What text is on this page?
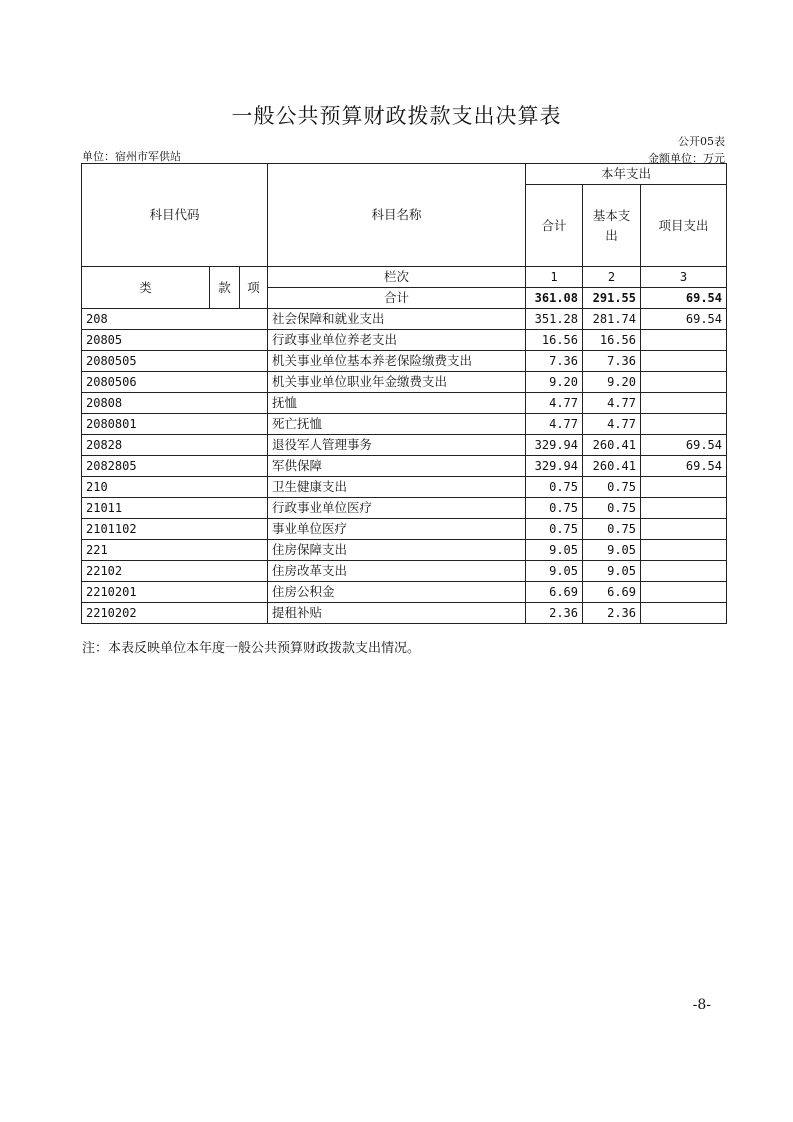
一般公共预算财政拨款支出决算表
公开05表
单位：宿州市军供站	金额单位：万元
科目代码			科目名称	本年支出		
				合计	基本支
出	项目支出
类	款	项	栏次	1	2	3
			合计	361.08	291.55	69.54
208			社会保障和就业支出	351.28	281.74	69.54
20805			行政事业单位养老支出	16.56	16.56	
2080505			机关事业单位基本养老保险缴费支出	7.36	7.36	
2080506			机关事业单位职业年金缴费支出	9.20	9.20	
20808			抚恤	4.77	4.77	
2080801			死亡抚恤	4.77	4.77	
20828			退役军人管理事务	329.94	260.41	69.54
2082805			军供保障	329.94	260.41	69.54
210			卫生健康支出	0.75	0.75	
21011			行政事业单位医疗	0.75	0.75	
2101102			事业单位医疗	0.75	0.75	
221			住房保障支出	9.05	9.05	
22102			住房改革支出	9.05	9.05	
2210201			住房公积金	6.69	6.69	
2210202			提租补贴	2.36	2.36	
注：本表反映单位本年度一般公共预算财政拨款支出情况。
-8-
